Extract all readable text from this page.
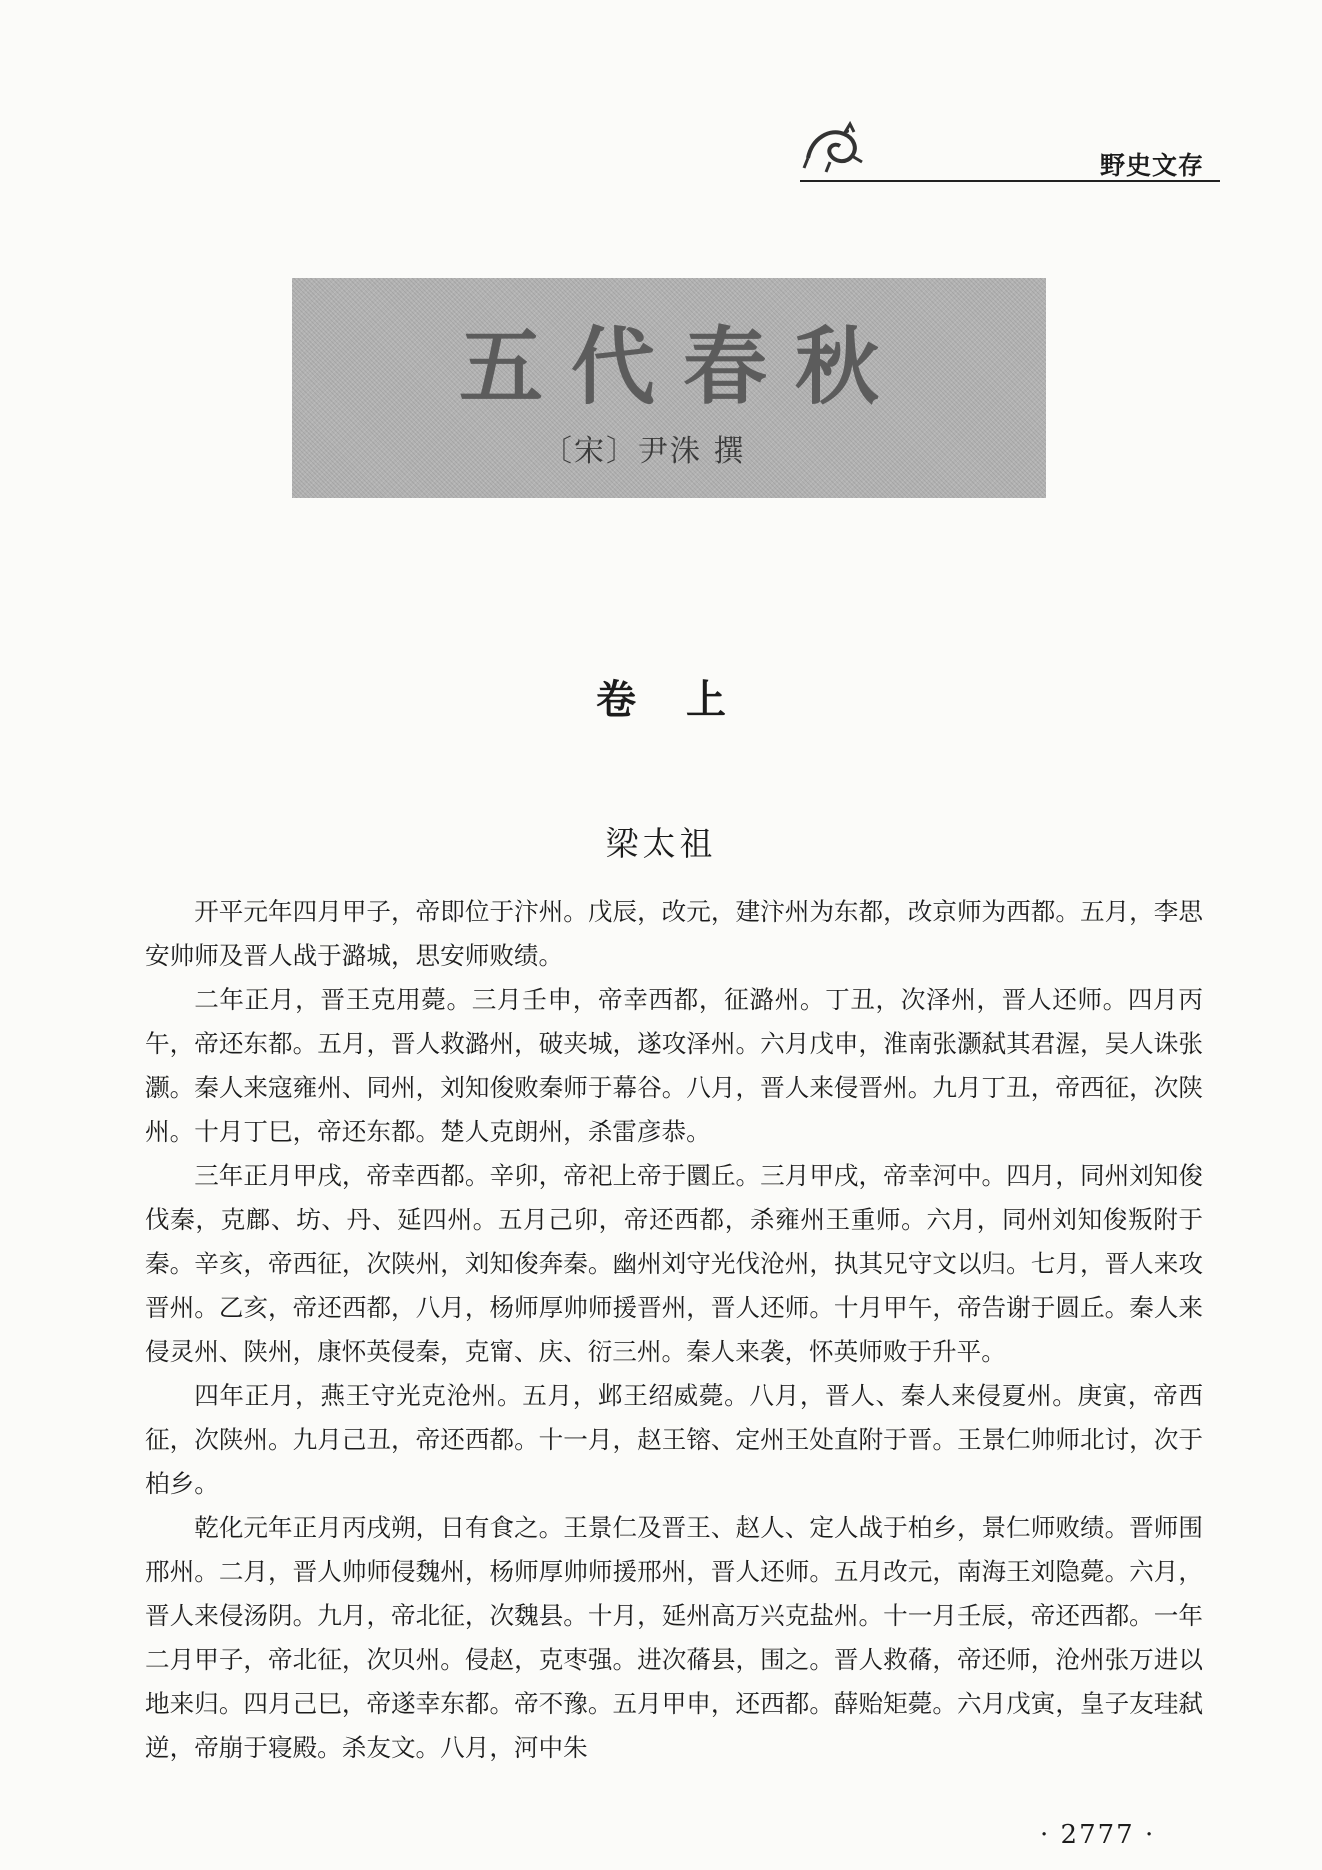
野史文存
五代春秋
〔宋〕尹洙 撰
卷 上
梁太祖

开平元年四月甲子，帝即位于汴州。戊辰，改元，建汴州为东都，改京师为西都。五月，李思安帅师及晋人战于潞城，思安师败绩。

二年正月，晋王克用薨。三月壬申，帝幸西都，征潞州。丁丑，次泽州，晋人还师。四月丙午，帝还东都。五月，晋人救潞州，破夹城，遂攻泽州。六月戊申，淮南张灏弑其君渥，吴人诛张灏。秦人来寇雍州、同州，刘知俊败秦师于幕谷。八月，晋人来侵晋州。九月丁丑，帝西征，次陕州。十月丁巳，帝还东都。楚人克朗州，杀雷彦恭。

三年正月甲戌，帝幸西都。辛卯，帝祀上帝于圜丘。三月甲戌，帝幸河中。四月，同州刘知俊伐秦，克鄜、坊、丹、延四州。五月己卯，帝还西都，杀雍州王重师。六月，同州刘知俊叛附于秦。辛亥，帝西征，次陕州，刘知俊奔秦。幽州刘守光伐沧州，执其兄守文以归。七月，晋人来攻晋州。乙亥，帝还西都，八月，杨师厚帅师援晋州，晋人还师。十月甲午，帝告谢于圆丘。秦人来侵灵州、陕州，康怀英侵秦，克甯、庆、衍三州。秦人来袭，怀英师败于升平。

四年正月，燕王守光克沧州。五月，邺王绍威薨。八月，晋人、秦人来侵夏州。庚寅，帝西征，次陕州。九月己丑，帝还西都。十一月，赵王镕、定州王处直附于晋。王景仁帅师北讨，次于柏乡。

乾化元年正月丙戌朔，日有食之。王景仁及晋王、赵人、定人战于柏乡，景仁师败绩。晋师围邢州。二月，晋人帅师侵魏州，杨师厚帅师援邢州，晋人还师。五月改元，南海王刘隐薨。六月，晋人来侵汤阴。九月，帝北征，次魏县。十月，延州高万兴克盐州。十一月壬辰，帝还西都。一年二月甲子，帝北征，次贝州。侵赵，克枣强。进次蓨县，围之。晋人救蓨，帝还师，沧州张万进以地来归。四月己巳，帝遂幸东都。帝不豫。五月甲申，还西都。薛贻矩薨。六月戊寅，皇子友珪弑逆，帝崩于寝殿。杀友文。八月，河中朱

· 2777 ·
